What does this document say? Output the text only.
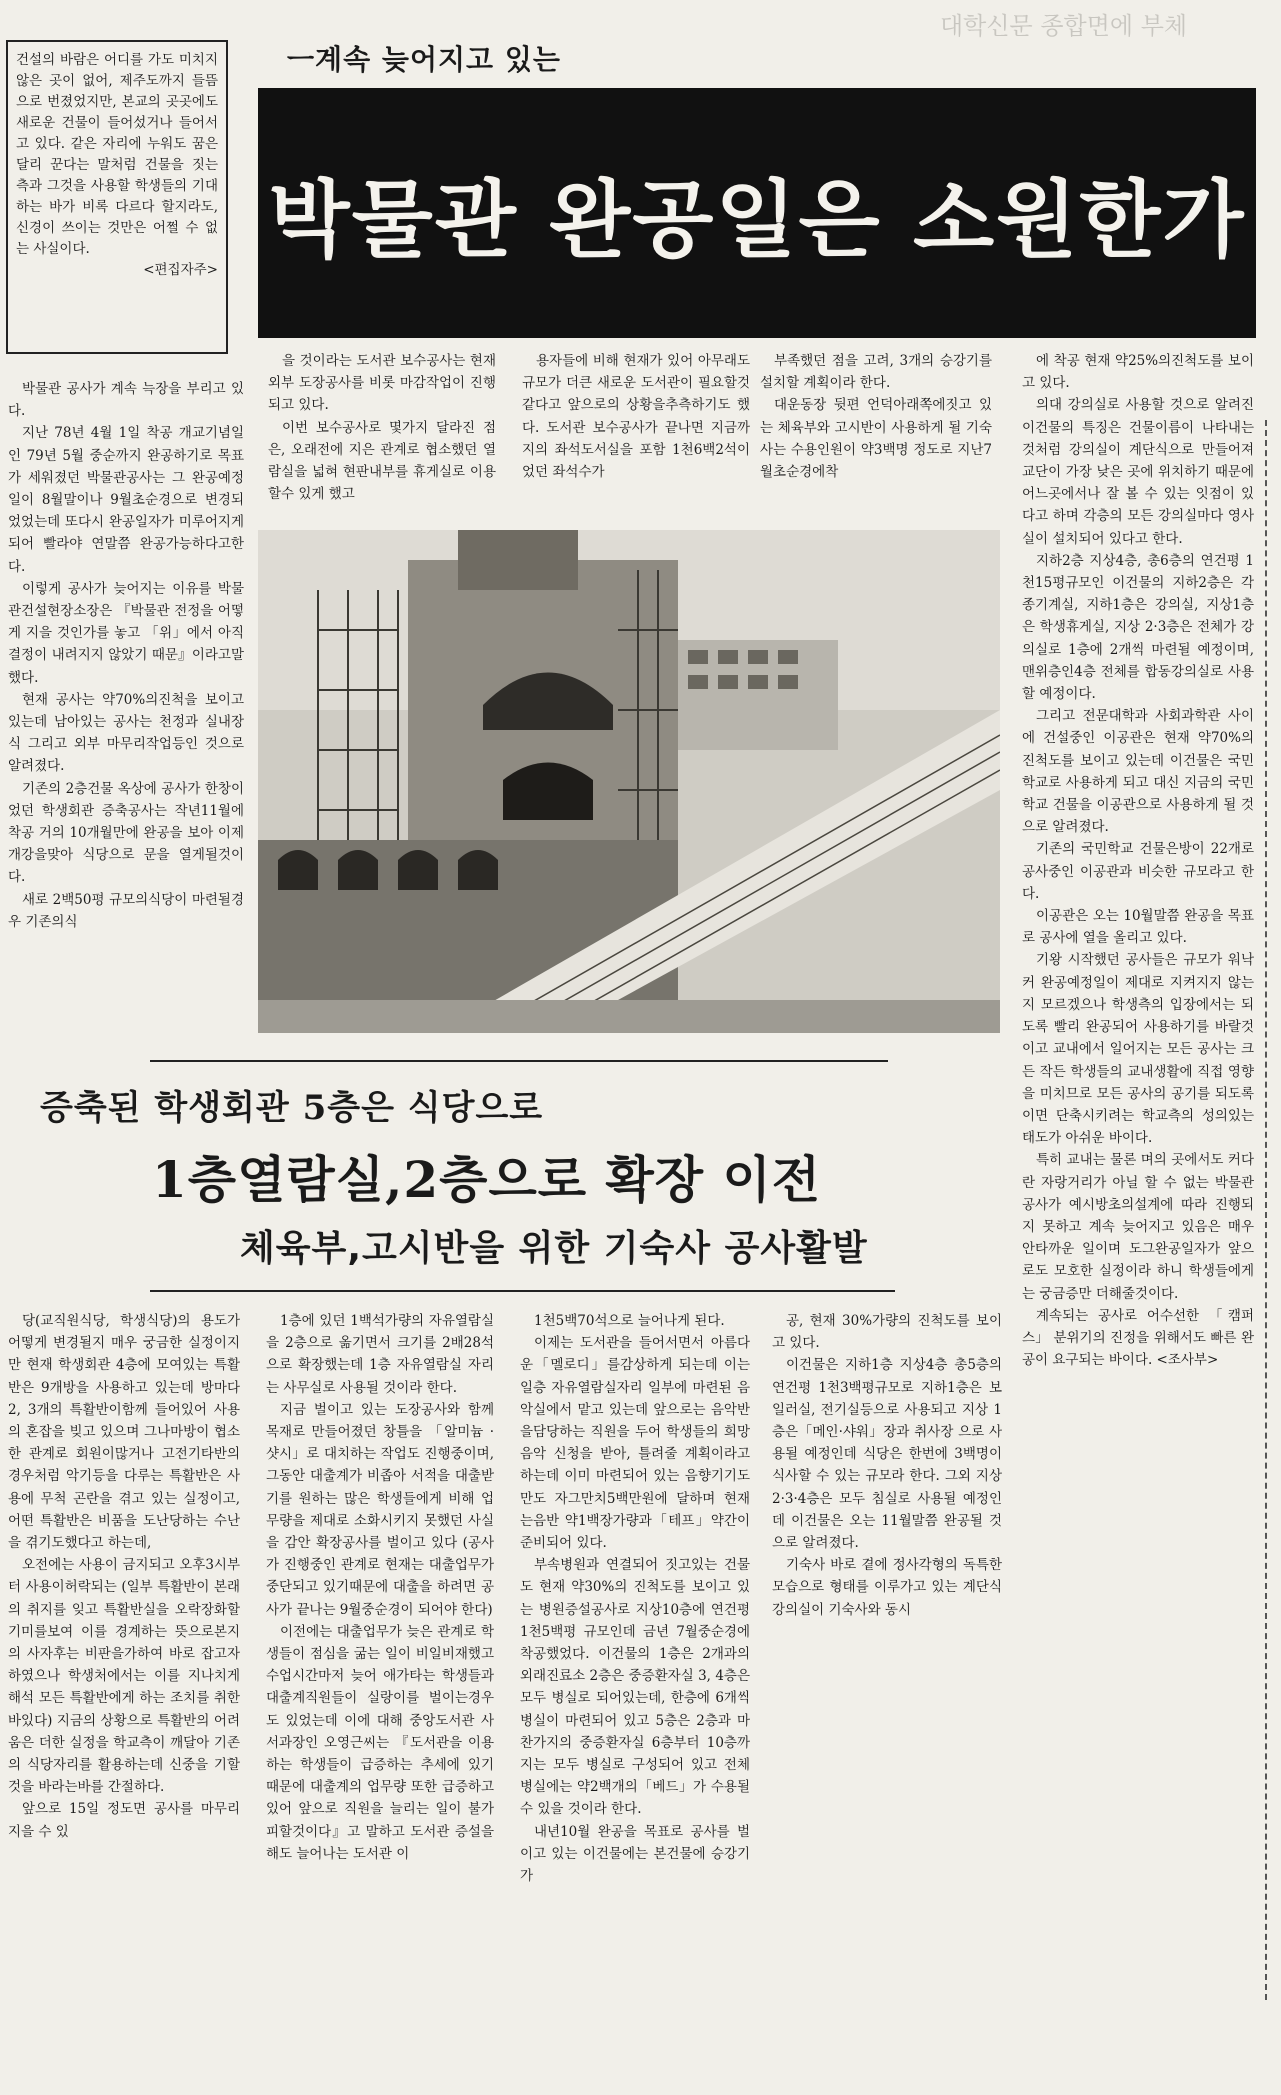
대학신문 종합면에 부체
건설의 바람은 어디를 가도 미치지 않은 곳이 없어, 제주도까지 들뜸으로 번졌었지만, 본교의 곳곳에도 새로운 건물이 들어섰거나 들어서고 있다. 같은 자리에 누워도 꿈은 달리 꾼다는 말처럼 건물을 짓는 측과 그것을 사용할 학생들의 기대하는 바가 비록 다르다 할지라도, 신경이 쓰이는 것만은 어쩔 수 없는 사실이다.
<편집자주>
ㅡ계속 늦어지고 있는
박물관 완공일은 소원한가

박물관 공사가 계속 늑장을 부리고 있다.

지난 78년 4월 1일 착공 개교기념일인 79년 5월 중순까지 완공하기로 목표가 세워졌던 박물관공사는 그 완공예정일이 8월말이나 9월초순경으로 변경되었었는데 또다시 완공일자가 미루어지게 되어 빨라야 연말쯤 완공가능하다고한다.

이렇게 공사가 늦어지는 이유를 박물관건설현장소장은 『박물관 전정을 어떻게 지을 것인가를 놓고 「위」에서 아직 결정이 내려지지 않았기 때문』이라고말했다.

현재 공사는 약70%의진척을 보이고 있는데 남아있는 공사는 천정과 실내장식 그리고 외부 마무리작업등인 것으로알려졌다.

기존의 2층건물 옥상에 공사가 한창이었던 학생회관 증축공사는 작년11월에 착공 거의 10개월만에 완공을 보아 이제 개강을맞아 식당으로 문을 열게될것이다.

새로 2백50평 규모의식당이 마련될경우 기존의식

을 것이라는 도서관 보수공사는 현재 외부 도장공사를 비롯 마감작업이 진행되고 있다.

이번 보수공사로 몇가지 달라진 점은, 오래전에 지은 관계로 협소했던 열람실을 넓혀 현판내부를 휴게실로 이용할수 있게 했고

용자들에 비해 현재가 있어 아무래도 규모가 더큰 새로운 도서관이 필요할것 같다고 앞으로의 상황을추측하기도 했다. 도서관 보수공사가 끝나면 지금까지의 좌석도서실을 포함 1천6백2석이었던 좌석수가

부족했던 점을 고려, 3개의 승강기를 설치할 계획이라 한다.

대운동장 뒷편 언덕아래쪽에짓고 있는 체육부와 고시반이 사용하게 될 기숙사는 수용인원이 약3백명 정도로 지난7월초순경에착

에 착공 현재 약25%의진척도를 보이고 있다.

의대 강의실로 사용할 것으로 알려진 이건물의 특징은 건물이름이 나타내는것처럼 강의실이 계단식으로 만들어져 교단이 가장 낮은 곳에 위치하기 때문에 어느곳에서나 잘 볼 수 있는 잇점이 있다고 하며 각층의 모든 강의실마다 영사실이 설치되어 있다고 한다.

지하2층 지상4층, 총6층의 연건평 1천15평규모인 이건물의 지하2층은 각종기계실, 지하1층은 강의실, 지상1층은 학생휴게실, 지상 2·3층은 전체가 강의실로 1층에 2개씩 마련될 예정이며, 맨위층인4층 전체를 합동강의실로 사용할 예정이다.

그리고 전문대학과 사회과학관 사이에 건설중인 이공관은 현재 약70%의 진척도를 보이고 있는데 이건물은 국민학교로 사용하게 되고 대신 지금의 국민학교 건물을 이공관으로 사용하게 될 것으로 알려졌다.

기존의 국민학교 건물은방이 22개로 공사중인 이공관과 비슷한 규모라고 한다.

이공관은 오는 10월말쯤 완공을 목표로 공사에 열을 올리고 있다.

기왕 시작했던 공사들은 규모가 워낙 커 완공예정일이 제대로 지켜지지 않는지 모르겠으나 학생측의 입장에서는 되도록 빨리 완공되어 사용하기를 바랄것이고 교내에서 일어지는 모든 공사는 크든 작든 학생들의 교내생활에 직접 영향을 미치므로 모든 공사의 공기를 되도록이면 단축시키려는 학교측의 성의있는 태도가 아쉬운 바이다.

특히 교내는 물론 며의 곳에서도 커다란 자랑거리가 아닐 할 수 없는 박물관 공사가 예시방초의설계에 따라 진행되지 못하고 계속 늦어지고 있음은 매우 안타까운 일이며 도그완공일자가 앞으로도 모호한 실정이라 하니 학생들에게는 궁금증만 더해줄것이다.

계속되는 공사로 어수선한 「캠퍼스」 분위기의 진정을 위해서도 빠른 완공이 요구되는 바이다. <조사부>

증축된 학생회관 5층은 식당으로
1층열람실,2층으로 확장 이전
체육부,고시반을 위한 기숙사 공사활발

당(교직원식당, 학생식당)의 용도가 어떻게 변경될지 매우 궁금한 실정이지만 현재 학생회관 4층에 모여있는 특활반은 9개방을 사용하고 있는데 방마다 2, 3개의 특활반이함께 들어있어 사용의 혼잡을 빚고 있으며 그나마방이 협소한 관계로 회원이많거나 고전기타반의 경우처럼 악기등을 다루는 특활반은 사용에 무척 곤란을 겪고 있는 실정이고, 어떤 특활반은 비품을 도난당하는 수난을 겪기도했다고 하는데,

오전에는 사용이 금지되고 오후3시부터 사용이허락되는 (일부 특활반이 본래의 취지를 잊고 특활반실을 오락장화할 기미를보여 이를 경계하는 뜻으로본지의 사자후는 비판을가하여 바로 잡고자 하였으나 학생처에서는 이를 지나치게 해석 모든 특활반에게 하는 조치를 취한바있다) 지금의 상황으로 특활반의 어려움은 더한 실정을 학교측이 깨달아 기존의 식당자리를 활용하는데 신중을 기할것을 바라는바를 간절하다.

앞으로 15일 정도면 공사를 마무리 지을 수 있

1층에 있던 1백석가량의 자유열람실을 2층으로 옮기면서 크기를 2배28석으로 확장했는데 1층 자유열람실 자리는 사무실로 사용될 것이라 한다.

지금 벌이고 있는 도장공사와 함께 목재로 만들어졌던 창틀을 「알미늄 ·샷시」로 대치하는 작업도 진행중이며, 그동안 대출계가 비좁아 서적을 대출받기를 원하는 많은 학생들에게 비해 업무량을 제대로 소화시키지 못했던 사실을 감안 확장공사를 벌이고 있다 (공사가 진행중인 관계로 현재는 대출업무가 중단되고 있기때문에 대출을 하려면 공사가 끝나는 9월중순경이 되어야 한다)

이전에는 대출업무가 늦은 관계로 학생들이 점심을 굶는 일이 비일비재했고 수업시간마저 늦어 애가타는 학생들과 대출계직원들이 실랑이를 벌이는경우도 있었는데 이에 대해 중앙도서관 사서과장인 오영근씨는 『도서관을 이용하는 학생들이 급증하는 추세에 있기 때문에 대출계의 업무량 또한 급증하고 있어 앞으로 직원을 늘리는 일이 불가피할것이다』고 말하고 도서관 증설을 해도 늘어나는 도서관 이

1천5백70석으로 늘어나게 된다.

이제는 도서관을 들어서면서 아름다운「멜로디」를감상하게 되는데 이는 일층 자유열람실자리 일부에 마련된 음악실에서 맡고 있는데 앞으로는 음악반을담당하는 직원을 두어 학생들의 희망음악 신청을 받아, 틀려줄 계획이라고 하는데 이미 마련되어 있는 음향기기도 만도 자그만치5백만원에 달하며 현재는음반 약1백장가량과「테프」약간이 준비되어 있다.

부속병원과 연결되어 짓고있는 건물도 현재 약30%의 진척도를 보이고 있는 병원증설공사로 지상10층에 연건평 1천5백평 규모인데 금년 7월중순경에 착공했었다. 이건물의 1층은 2개과의 외래진료소 2층은 중증환자실 3, 4층은 모두 병실로 되어있는데, 한층에 6개씩 병실이 마련되어 있고 5층은 2층과 마찬가지의 중증환자실 6층부터 10층까지는 모두 병실로 구성되어 있고 전체 병실에는 약2백개의「베드」가 수용될수 있을 것이라 한다.

내년10월 완공을 목표로 공사를 벌이고 있는 이건물에는 본건물에 승강기가

공, 현재 30%가량의 진척도를 보이고 있다.

이건물은 지하1층 지상4층 총5층의 연건평 1천3백평규모로 지하1층은 보일러실, 전기실등으로 사용되고 지상 1층은「메인·샤워」장과 취사장 으로 사용될 예정인데 식당은 한번에 3백명이 식사할 수 있는 규모라 한다. 그외 지상2·3·4층은 모두 침실로 사용될 예정인데 이건물은 오는 11월말쯤 완공될 것으로 알려졌다.

기숙사 바로 곁에 정사각형의 독특한 모습으로 형태를 이루가고 있는 계단식강의실이 기숙사와 동시
